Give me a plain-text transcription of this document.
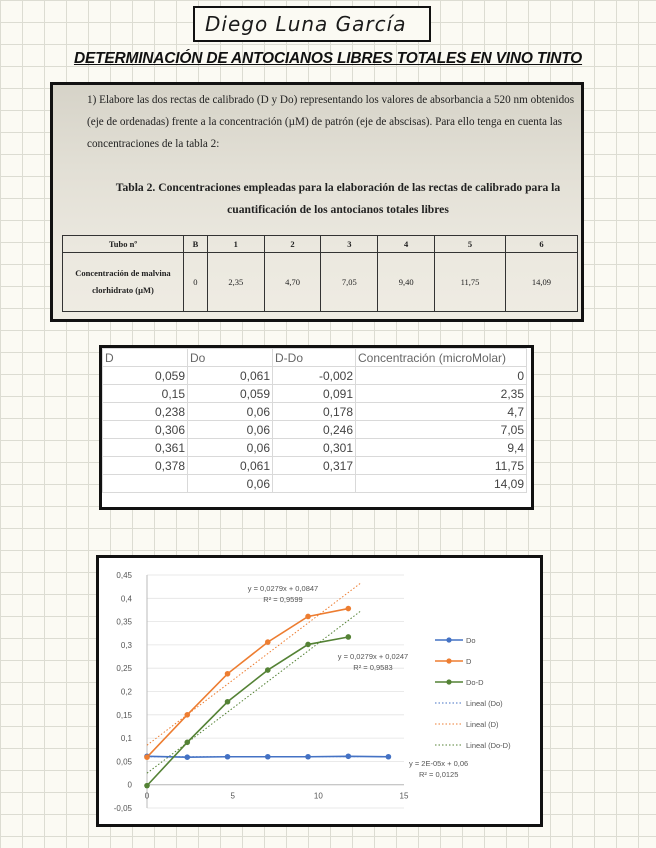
Diego Luna García
DETERMINACIÓN DE ANTOCIANOS LIBRES TOTALES EN VINO TINTO
1) Elabore las dos rectas de calibrado (D y Do) representando los valores de absorbancia a 520 nm obtenidos (eje de ordenadas) frente a la concentración (µM) de patrón (eje de abscisas). Para ello tenga en cuenta las concentraciones de la tabla 2:
Tabla 2. Concentraciones empleadas para la elaboración de las rectas de calibrado para la cuantificación de los antocianos totales libres
Tubo nº	B	1	2	3	4	5	6
Concentración de malvina clorhidrato (µM)	0	2,35	4,70	7,05	9,40	11,75	14,09
D	Do	D-Do	Concentración (microMolar)
0,059	0,061	-0,002	0
0,15	0,059	0,091	2,35
0,238	0,06	0,178	4,7
0,306	0,06	0,246	7,05
0,361	0,06	0,301	9,4
0,378	0,061	0,317	11,75
	0,06		14,09
-0,05
0
0,05
0,1
0,15
0,2
0,25
0,3
0,35
0,4
0,45
0	5	10	15
y = 0,0279x + 0,0847
R² = 0,9599
y = 0,0279x + 0,0247
R² = 0,9583
y = 2E-05x + 0,06
R² = 0,0125
Do
D
Do-D
Lineal (Do)
Lineal (D)
Lineal (Do-D)
